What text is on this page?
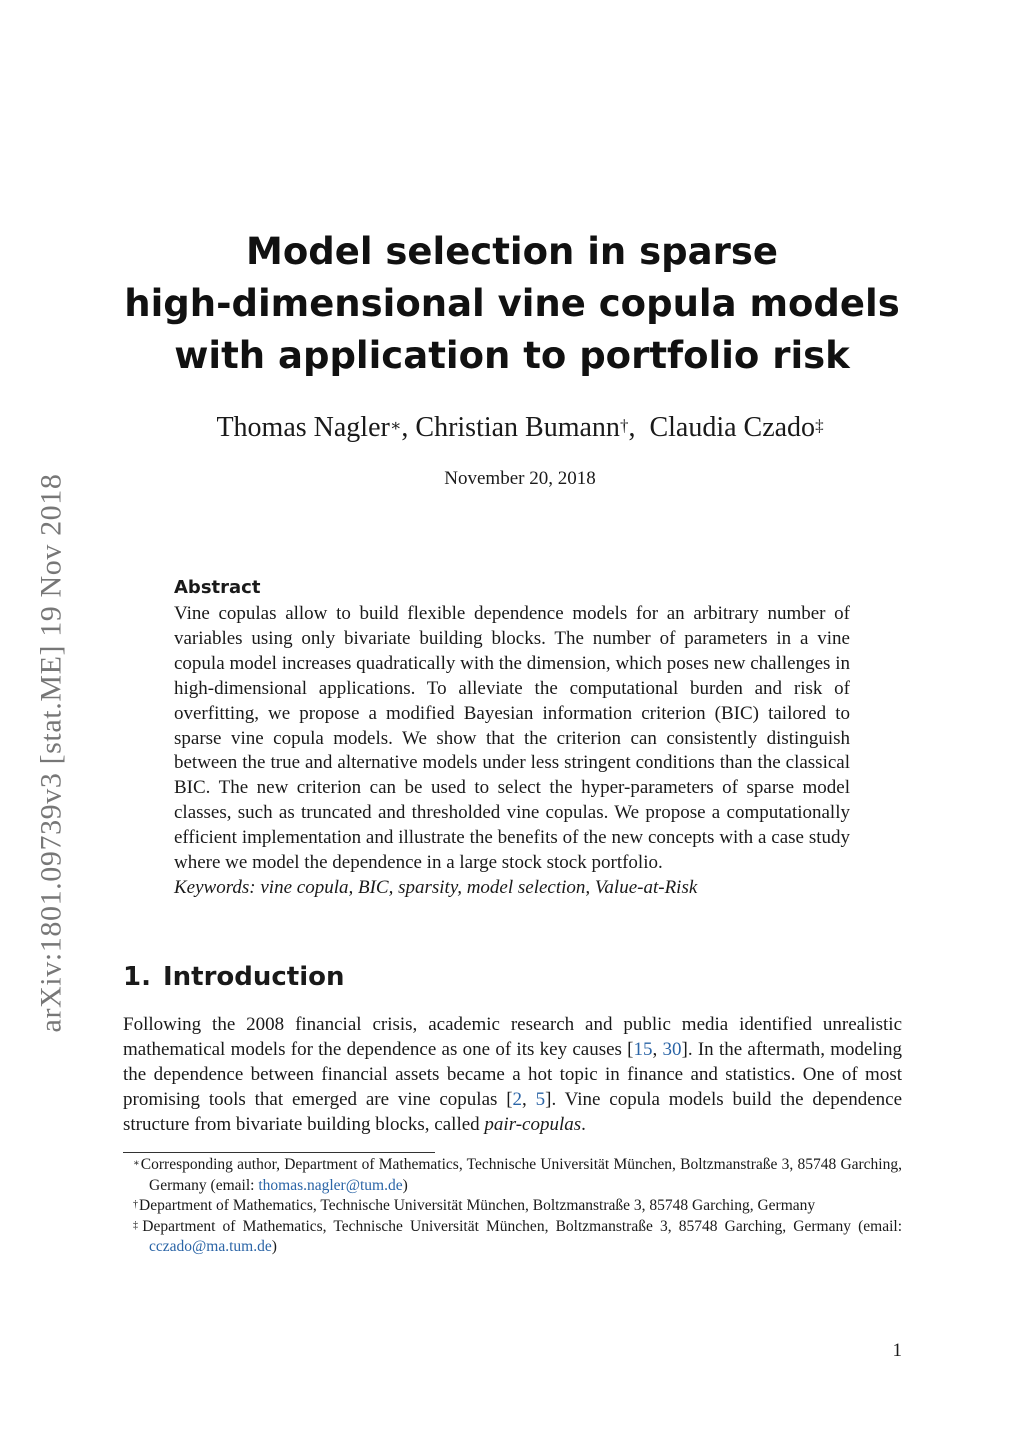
arXiv:1801.09739v3 [stat.ME] 19 Nov 2018
Model selection in sparse
high-dimensional vine copula models
with application to portfolio risk
Thomas Nagler∗, Christian Bumann†,  Claudia Czado‡
November 20, 2018
Abstract

Vine copulas allow to build flexible dependence models for an arbitrary number of variables using only bivariate building blocks. The number of parameters in a vine copula model increases quadratically with the dimension, which poses new challenges in high-dimensional applications. To alleviate the computational burden and risk of overfitting, we propose a modified Bayesian information criterion (BIC) tailored to sparse vine copula models. We show that the criterion can consistently distinguish between the true and alternative models under less stringent conditions than the classical BIC. The new criterion can be used to select the hyper-parameters of sparse model classes, such as truncated and thresholded vine copulas. We propose a computationally efficient implementation and illustrate the benefits of the new concepts with a case study where we model the dependence in a large stock stock portfolio.

Keywords: vine copula, BIC, sparsity, model selection, Value-at-Risk
1. Introduction

Following the 2008 financial crisis, academic research and public media identified unrealistic mathematical models for the dependence as one of its key causes [15, 30]. In the aftermath, modeling the dependence between financial assets became a hot topic in finance and statistics. One of most promising tools that emerged are vine copulas [2, 5]. Vine copula models build the dependence structure from bivariate building blocks, called pair-copulas.

∗Corresponding author, Department of Mathematics, Technische Universität München, Boltzmanstraße 3, 85748 Garching, Germany (email: thomas.nagler@tum.de)
†Department of Mathematics, Technische Universität München, Boltzmanstraße 3, 85748 Garching, Germany
‡Department of Mathematics, Technische Universität München, Boltzmanstraße 3, 85748 Garching, Germany (email: cczado@ma.tum.de)
1
